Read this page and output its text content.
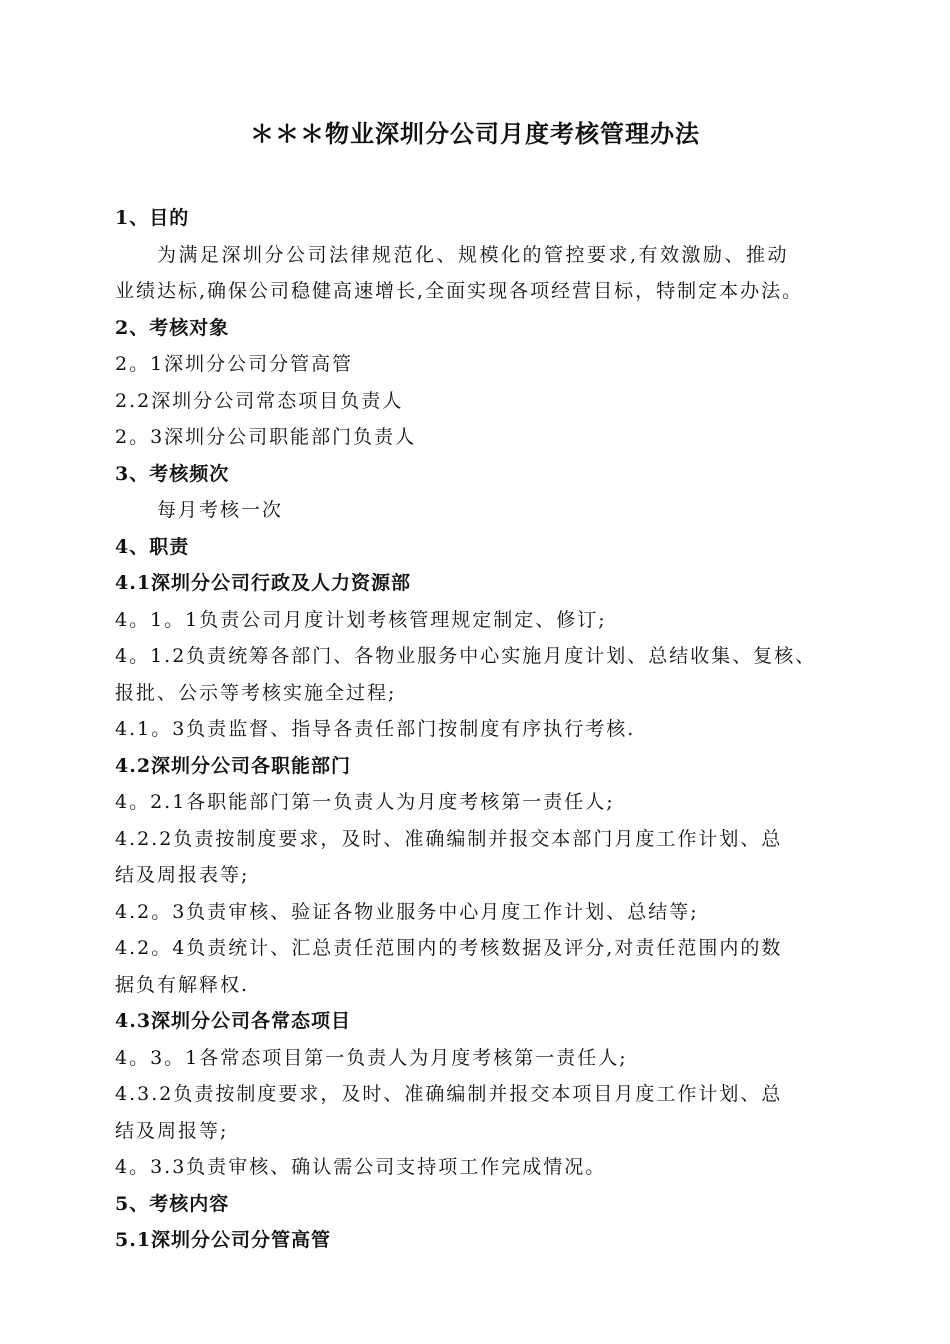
＊＊＊物业深圳分公司月度考核管理办法
1、目的
为满足深圳分公司法律规范化、规模化的管控要求,有效激励、推动
业绩达标,确保公司稳健高速增长,全面实现各项经营目标，特制定本办法。
2、考核对象
2。1深圳分公司分管高管
2.2深圳分公司常态项目负责人
2。3深圳分公司职能部门负责人
3、考核频次
每月考核一次
4、职责
4.1深圳分公司行政及人力资源部
4。1。1负责公司月度计划考核管理规定制定、修订;
4。1.2负责统筹各部门、各物业服务中心实施月度计划、总结收集、复核、
报批、公示等考核实施全过程;
4.1。3负责监督、指导各责任部门按制度有序执行考核.
4.2深圳分公司各职能部门
4。2.1各职能部门第一负责人为月度考核第一责任人;
4.2.2负责按制度要求，及时、准确编制并报交本部门月度工作计划、总
结及周报表等;
4.2。3负责审核、验证各物业服务中心月度工作计划、总结等;
4.2。4负责统计、汇总责任范围内的考核数据及评分,对责任范围内的数
据负有解释权.
4.3深圳分公司各常态项目
4。3。1各常态项目第一负责人为月度考核第一责任人;
4.3.2负责按制度要求，及时、准确编制并报交本项目月度工作计划、总
结及周报等;
4。3.3负责审核、确认需公司支持项工作完成情况。
5、考核内容
5.1深圳分公司分管高管
